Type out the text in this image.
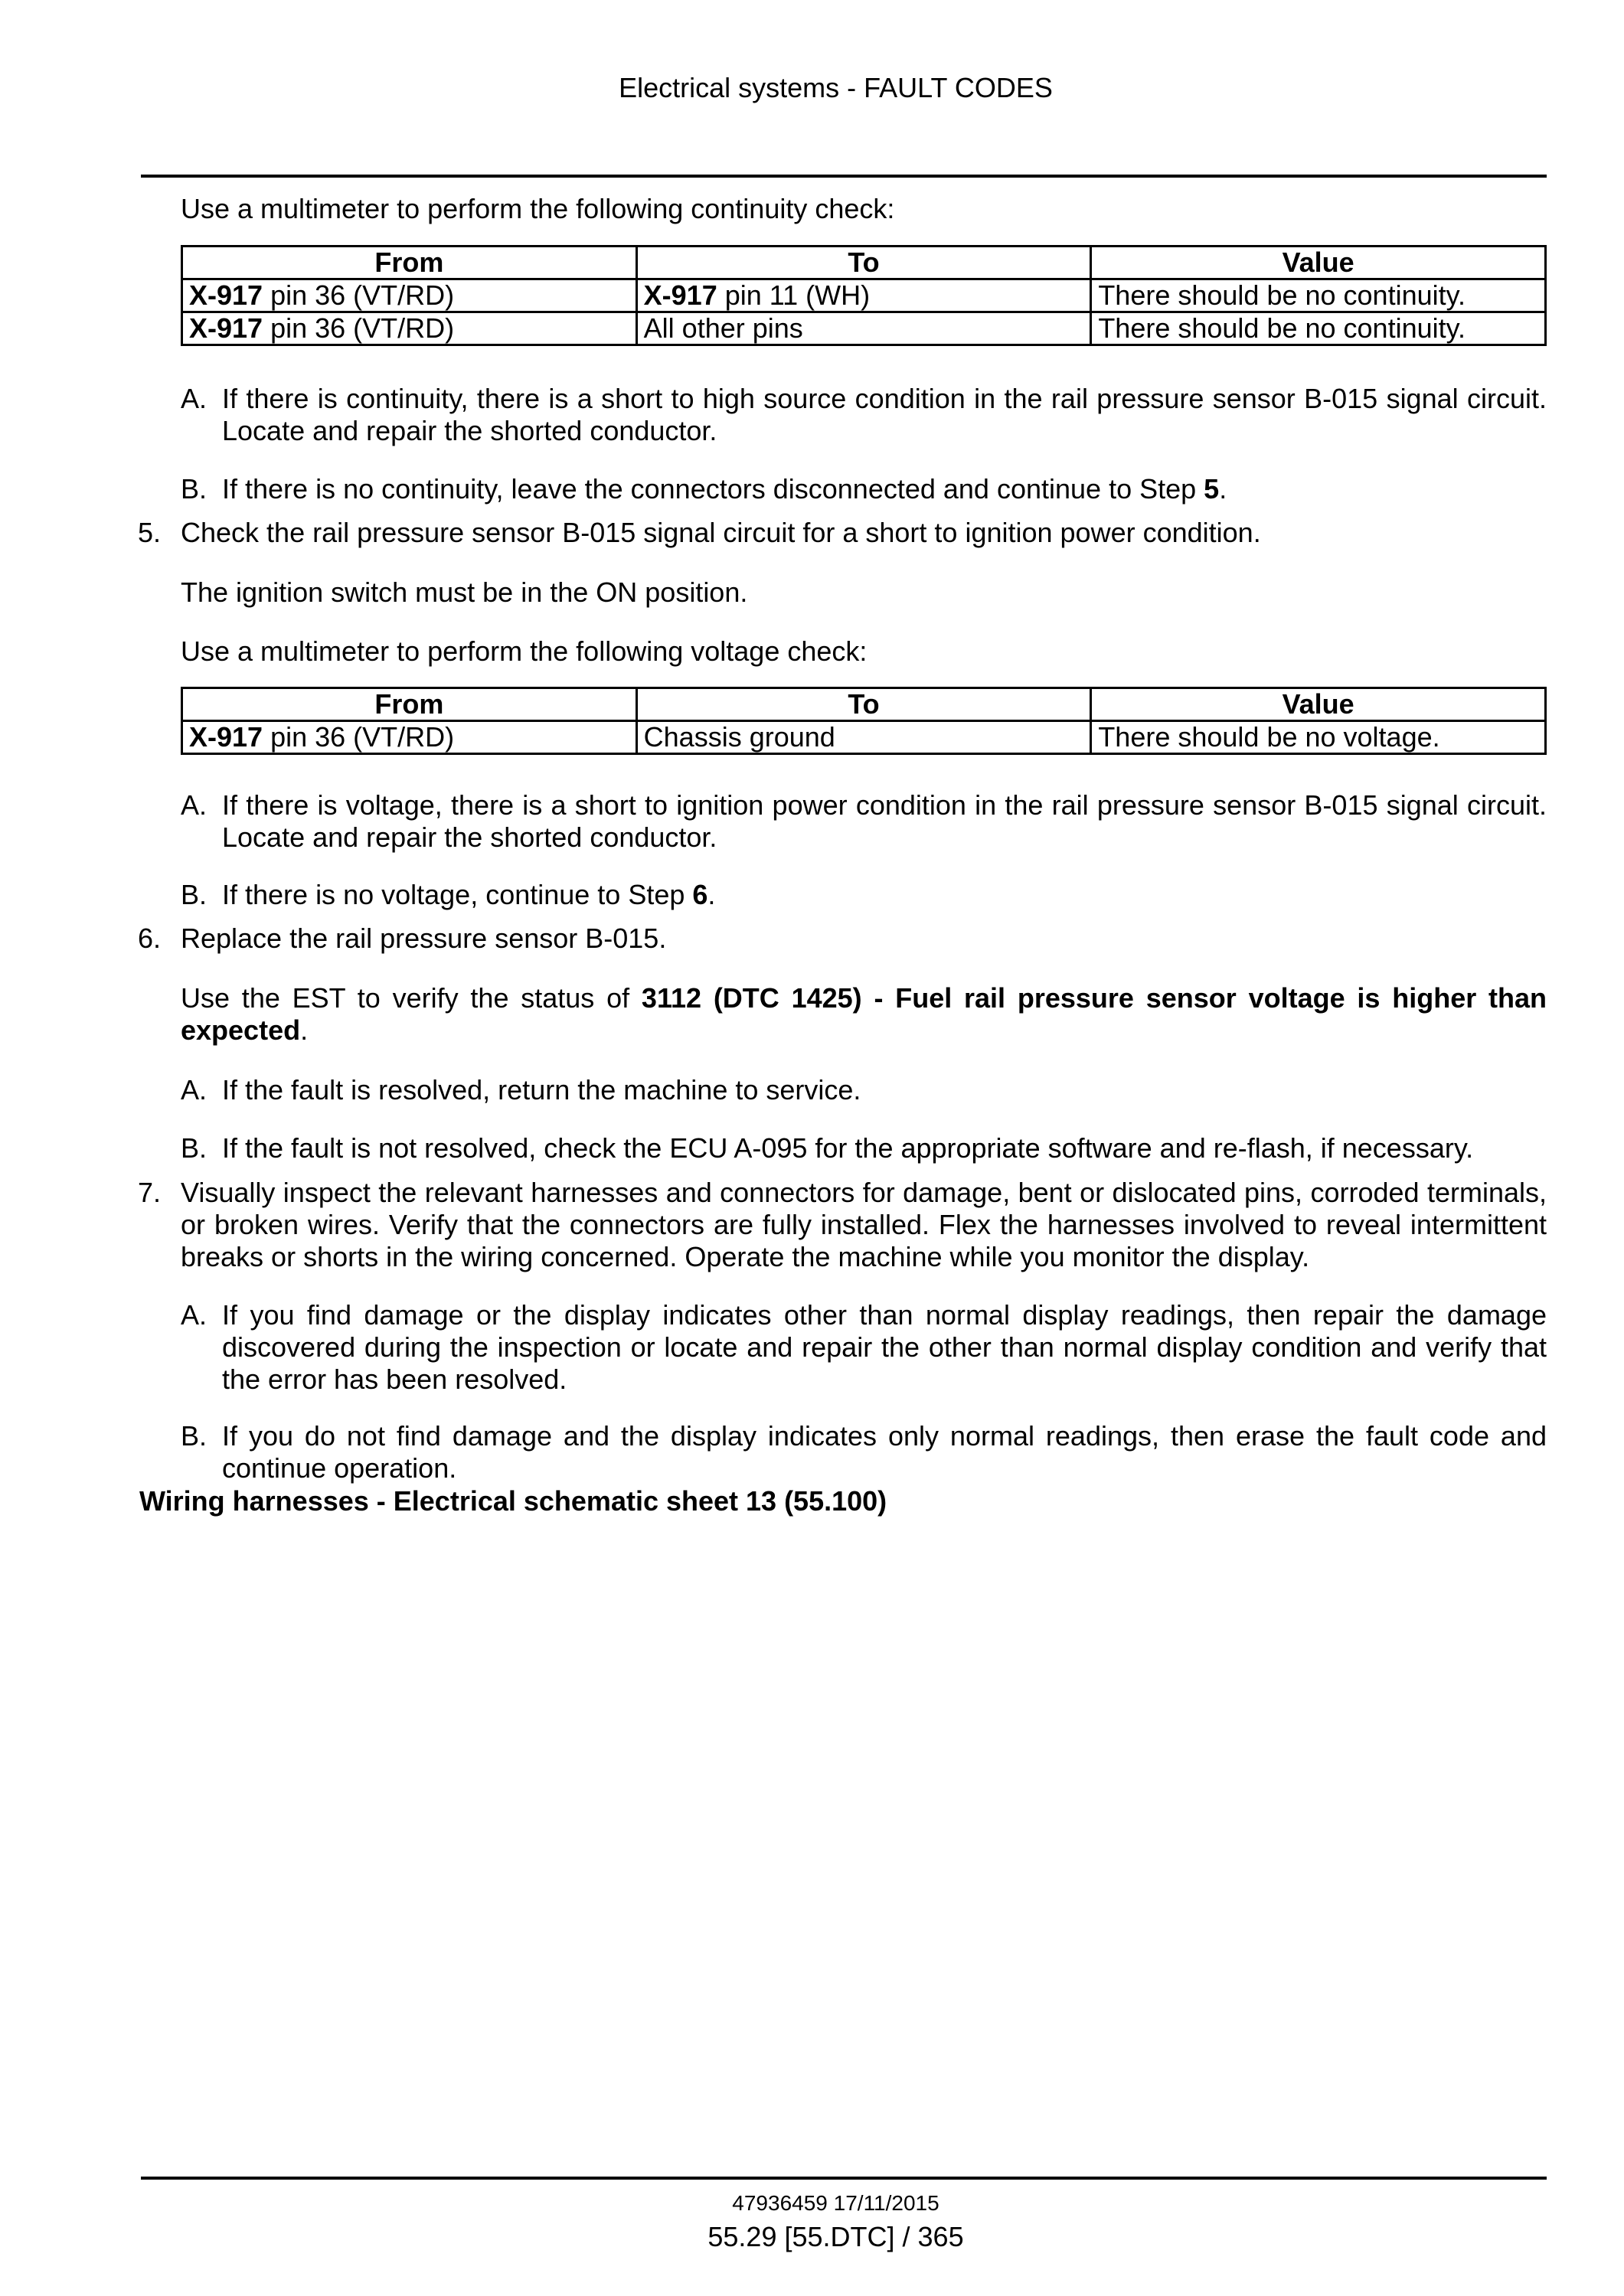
Electrical systems - FAULT CODES

Use a multimeter to perform the following continuity check:

From	To	Value
X-917 pin 36 (VT/RD)	X-917 pin 11 (WH)	There should be no continuity.
X-917 pin 36 (VT/RD)	All other pins	There should be no continuity.
A. If there is continuity, there is a short to high source condition in the rail pressure sensor B-015 signal circuit. Locate and repair the shorted conductor.
B. If there is no continuity, leave the connectors disconnected and continue to Step 5.
5. Check the rail pressure sensor B-015 signal circuit for a short to ignition power condition.

The ignition switch must be in the ON position.

Use a multimeter to perform the following voltage check:

From	To	Value
X-917 pin 36 (VT/RD)	Chassis ground	There should be no voltage.
A. If there is voltage, there is a short to ignition power condition in the rail pressure sensor B-015 signal circuit. Locate and repair the shorted conductor.
B. If there is no voltage, continue to Step 6.
6. Replace the rail pressure sensor B-015.

Use the EST to verify the status of 3112 (DTC 1425) - Fuel rail pressure sensor voltage is higher than expected.

A. If the fault is resolved, return the machine to service.
B. If the fault is not resolved, check the ECU A-095 for the appropriate software and re-flash, if necessary.
7. Visually inspect the relevant harnesses and connectors for damage, bent or dislocated pins, corroded terminals, or broken wires. Verify that the connectors are fully installed. Flex the harnesses involved to reveal intermittent breaks or shorts in the wiring concerned. Operate the machine while you monitor the display.
A. If you find damage or the display indicates other than normal display readings, then repair the damage discovered during the inspection or locate and repair the other than normal display condition and verify that the error has been resolved.
B. If you do not find damage and the display indicates only normal readings, then erase the fault code and continue operation.
Wiring harnesses - Electrical schematic sheet 13 (55.100)
47936459 17/11/2015
55.29 [55.DTC] / 365
